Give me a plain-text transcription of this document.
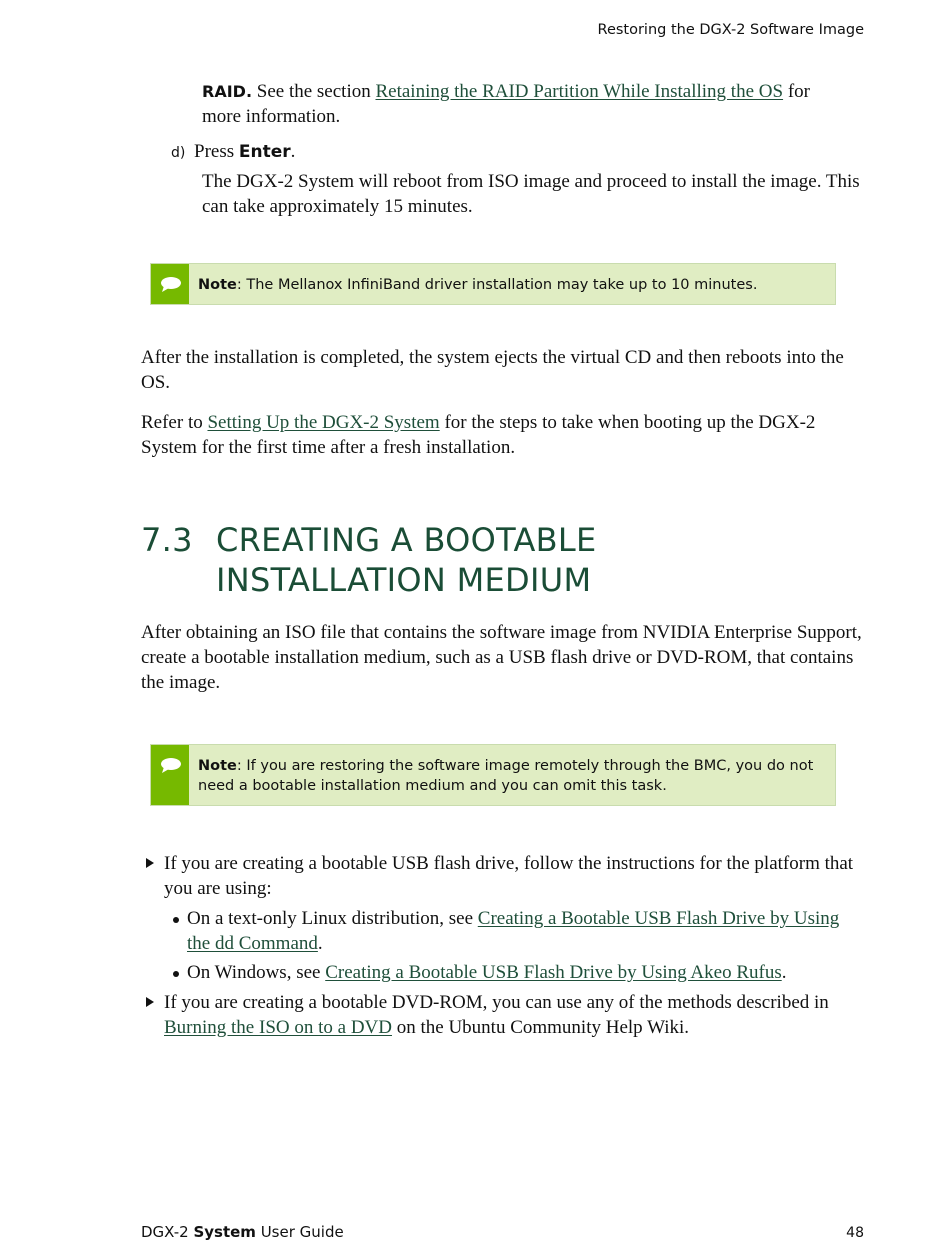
Restoring the DGX-2 Software Image
RAID. See the section Retaining the RAID Partition While Installing the OS for more information.
d) Press Enter.
The DGX-2 System will reboot from ISO image and proceed to install the image. This can take approximately 15 minutes.
Note: The Mellanox InfiniBand driver installation may take up to 10 minutes.
After the installation is completed, the system ejects the virtual CD and then reboots into the OS.
Refer to Setting Up the DGX-2 System for the steps to take when booting up the DGX-2 System for the first time after a fresh installation.
7.3 CREATING A BOOTABLE INSTALLATION MEDIUM
After obtaining an ISO file that contains the software image from NVIDIA Enterprise Support, create a bootable installation medium, such as a USB flash drive or DVD-ROM, that contains the image.
Note: If you are restoring the software image remotely through the BMC, you do not need a bootable installation medium and you can omit this task.
If you are creating a bootable USB flash drive, follow the instructions for the platform that you are using:
On a text-only Linux distribution, see Creating a Bootable USB Flash Drive by Using the dd Command.
On Windows, see Creating a Bootable USB Flash Drive by Using Akeo Rufus.
If you are creating a bootable DVD-ROM, you can use any of the methods described in Burning the ISO on to a DVD on the Ubuntu Community Help Wiki.
DGX-2 System User Guide	48
